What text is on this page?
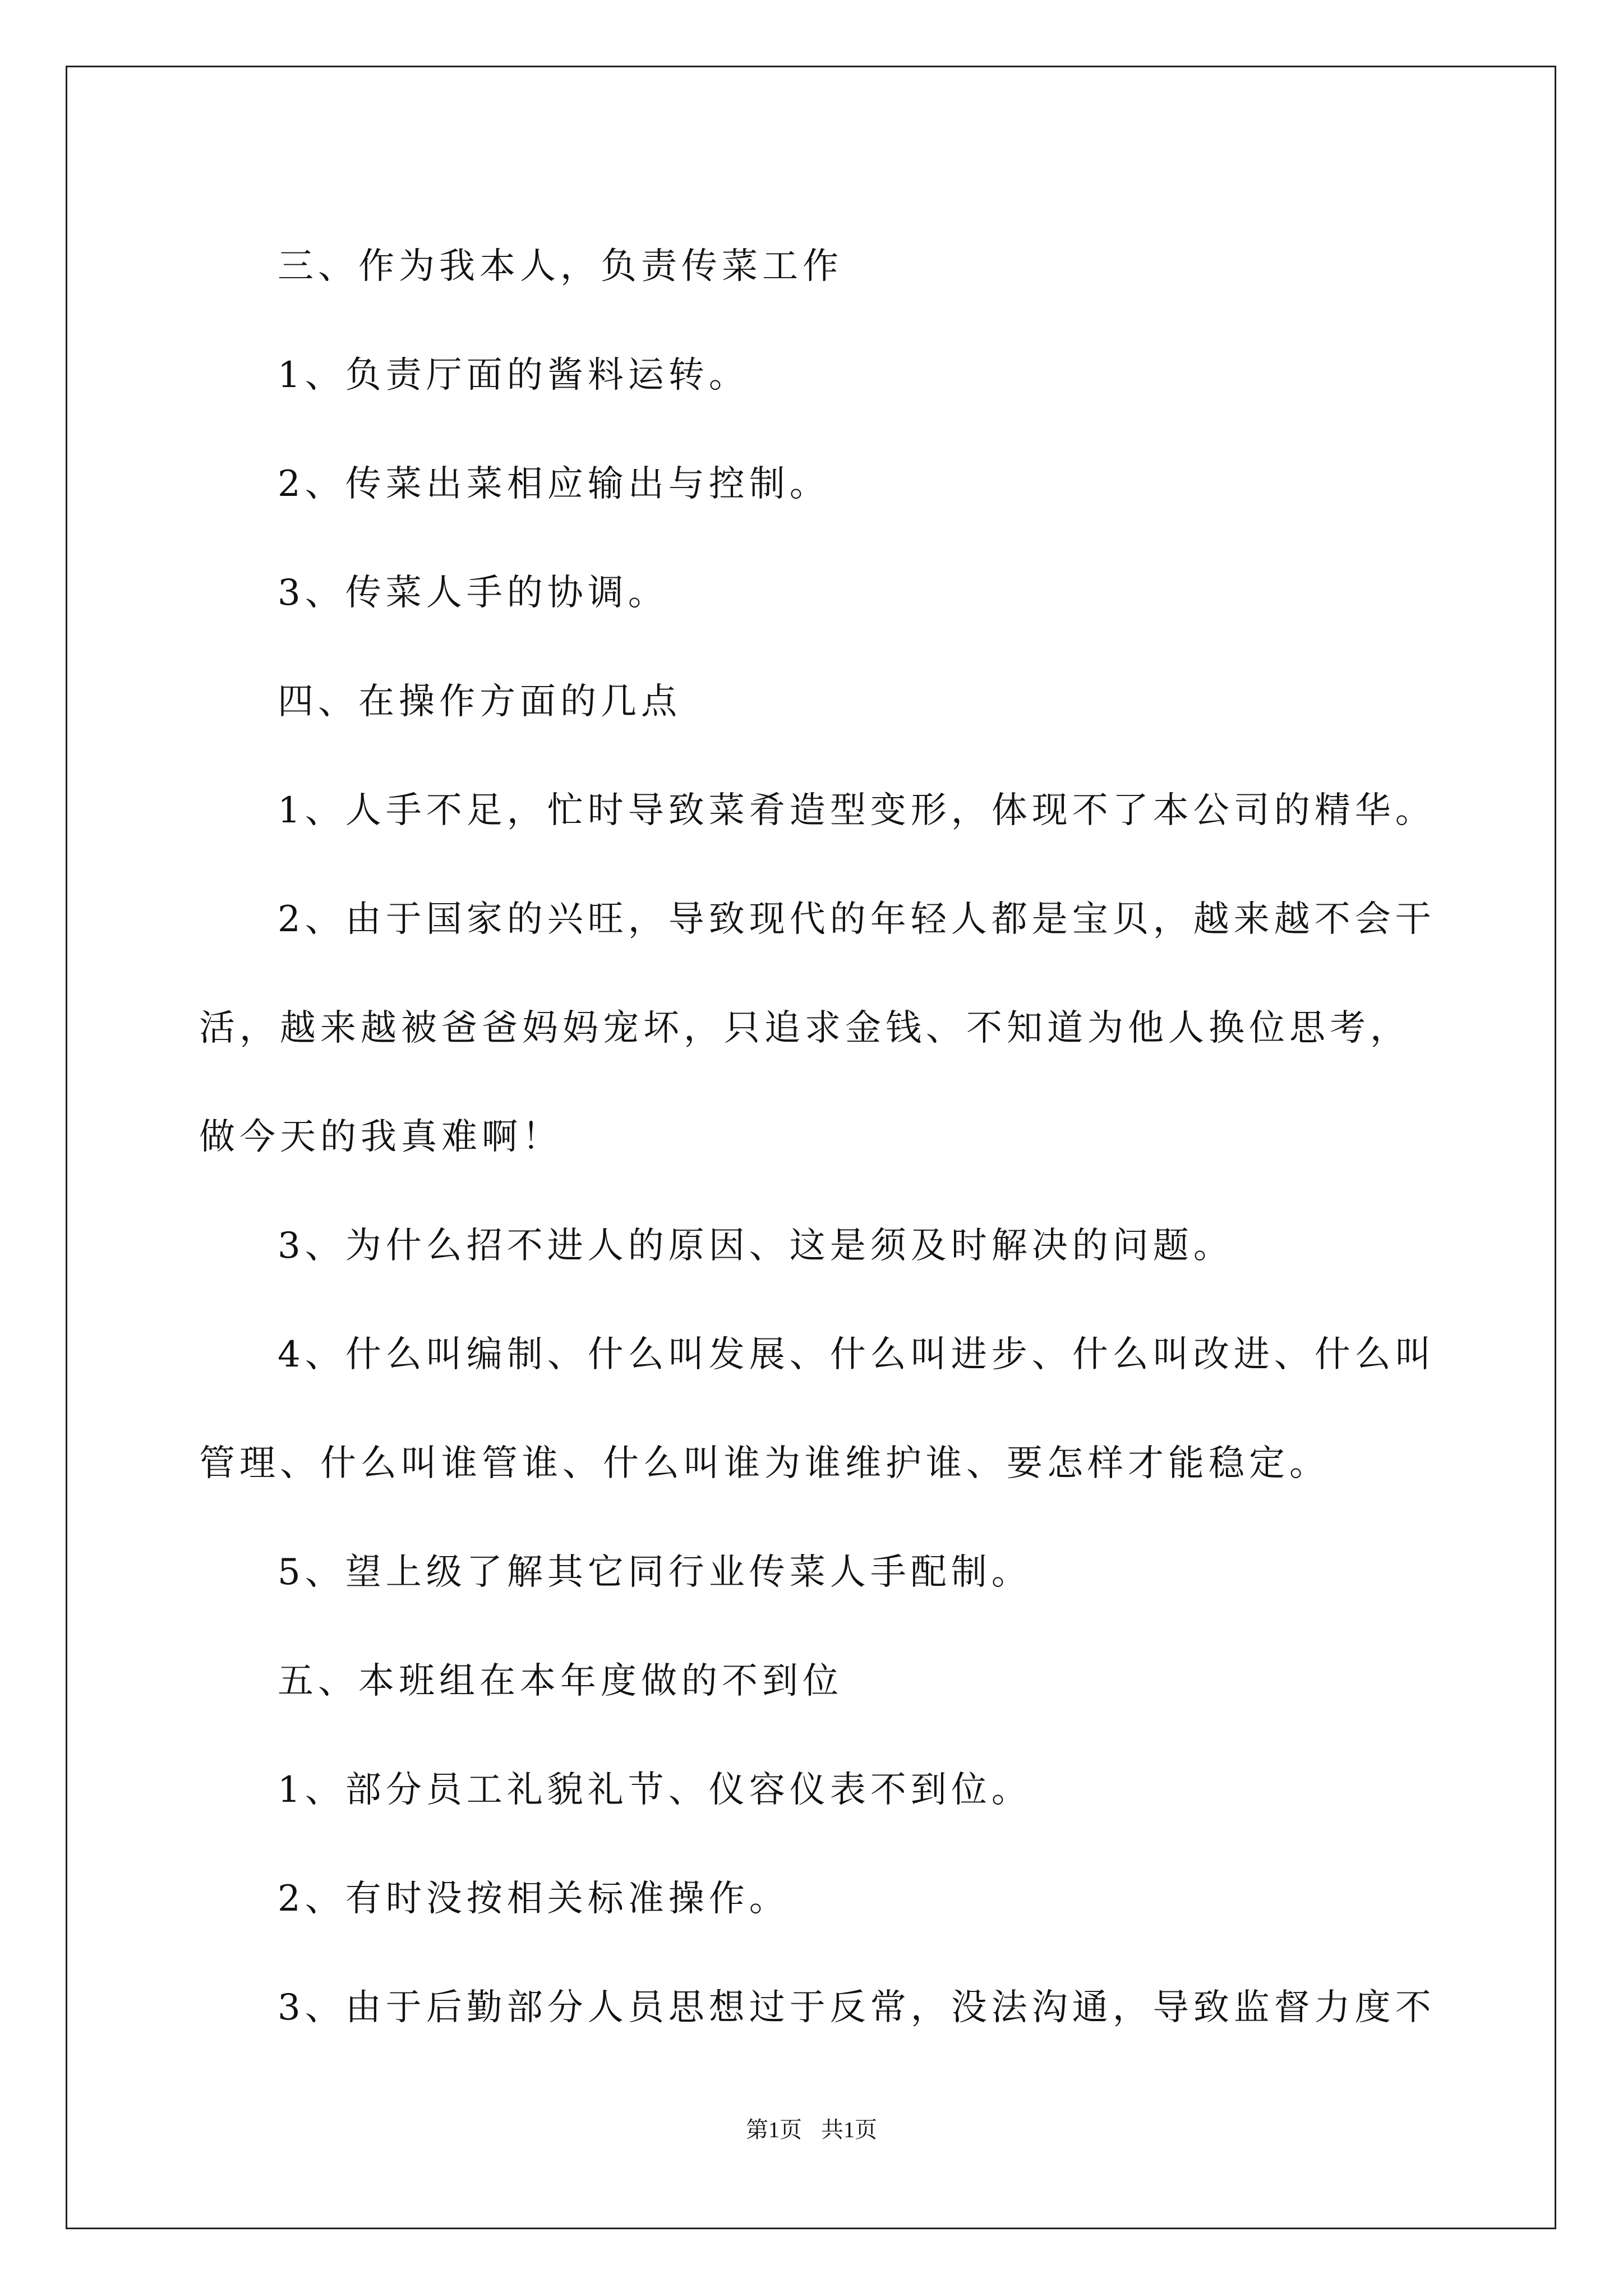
三、作为我本人，负责传菜工作

1、负责厅面的酱料运转。

2、传菜出菜相应输出与控制。

3、传菜人手的协调。

四、在操作方面的几点

1、人手不足，忙时导致菜肴造型变形，体现不了本公司的精华。

2、由于国家的兴旺，导致现代的年轻人都是宝贝，越来越不会干

活，越来越被爸爸妈妈宠坏，只追求金钱、不知道为他人换位思考，

做今天的我真难啊！

3、为什么招不进人的原因、这是须及时解决的问题。

4、什么叫编制、什么叫发展、什么叫进步、什么叫改进、什么叫

管理、什么叫谁管谁、什么叫谁为谁维护谁、要怎样才能稳定。

5、望上级了解其它同行业传菜人手配制。

五、本班组在本年度做的不到位

1、部分员工礼貌礼节、仪容仪表不到位。

2、有时没按相关标准操作。

3、由于后勤部分人员思想过于反常，没法沟通，导致监督力度不

第1页 共1页
